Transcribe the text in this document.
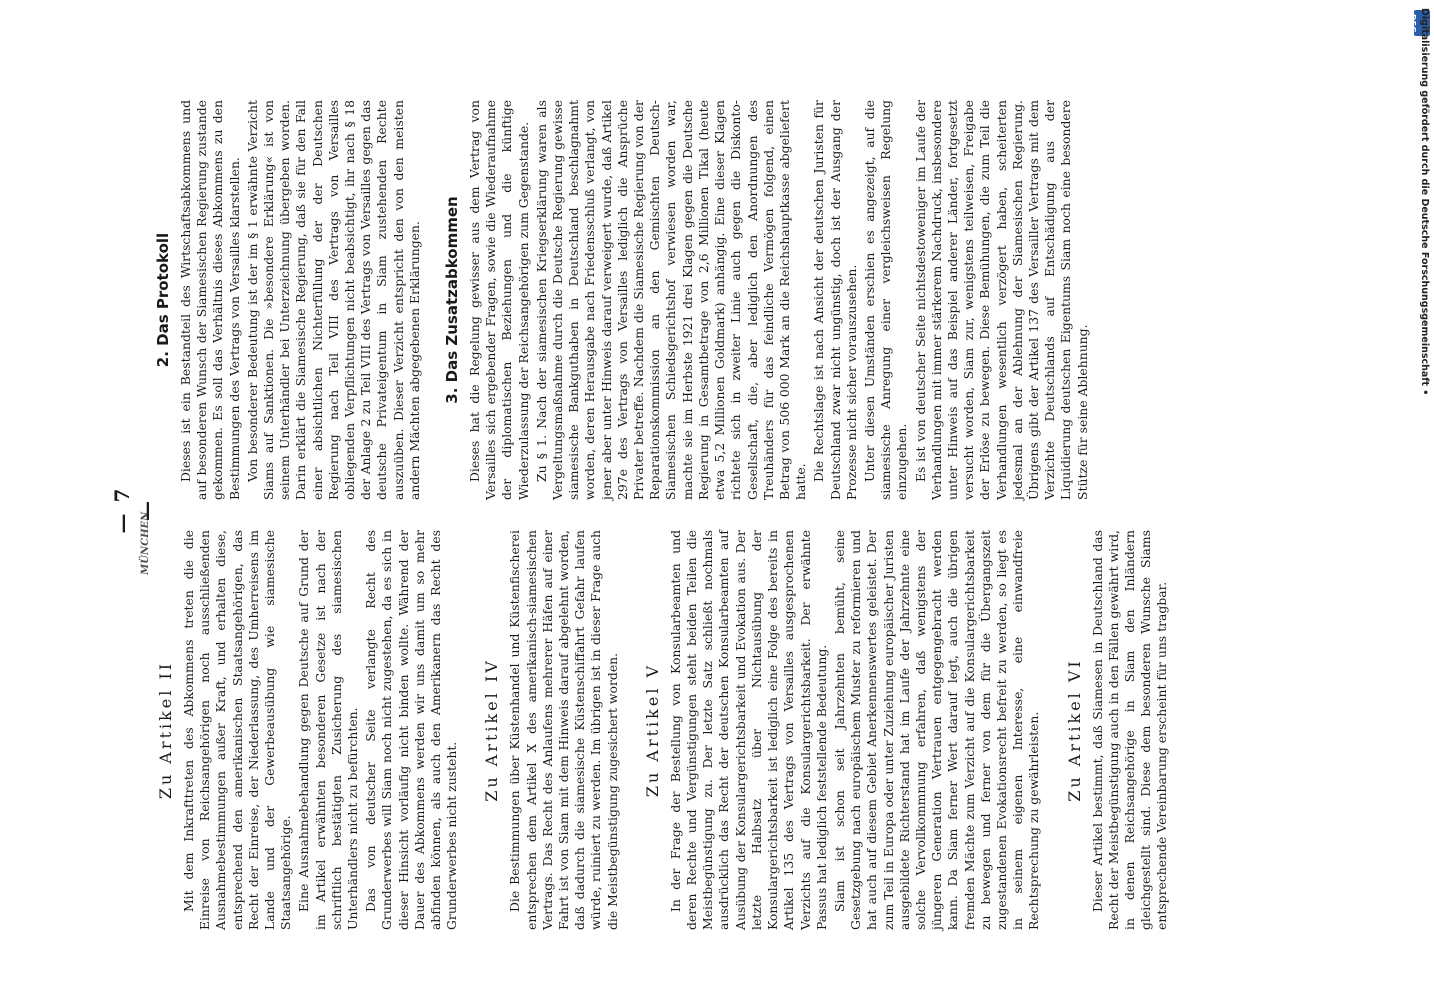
— 7 —
Zu Artikel II Mit dem Inkrafttreten des Abkommens treten die die Einreise von Reichsangehörigen noch ausschließenden Ausnahmebestimmungen außer Kraft, und erhalten diese, entsprechend den amerikanischen Staatsangehörigen, das Recht der Einreise, der Niederlassung, des Umherreisens im Lande und der Gewerbeausübung wie siamesische Staatsangehörige. Eine Ausnahmebehandlung gegen Deutsche auf Grund der im Artikel erwähnten besonderen Gesetze ist nach der schriftlich bestätigten Zusicherung des siamesischen Unterhändlers nicht zu befürchten. Das von deutscher Seite verlangte Recht des Grunderwerbes will Siam noch nicht zugestehen, da es sich in dieser Hinsicht vorläufig nicht binden wollte. Während der Dauer des Abkommens werden wir uns damit um so mehr abfinden können, als auch den Amerikanern das Recht des Grunderwerbes nicht zusteht.

Zu Artikel IV Die Bestimmungen über Küstenhandel und Küstenfischerei entsprechen dem Artikel X des amerikanisch-siamesischen Vertrags. Das Recht des Anlaufens mehrerer Häfen auf einer Fahrt ist von Siam mit dem Hinweis darauf abgelehnt worden, daß dadurch die siamesische Küstenschiffahrt Gefahr laufen würde, ruiniert zu werden. Im übrigen ist in dieser Frage auch die Meistbegünstigung zugesichert worden. Zu Artikel V In der Frage der Bestellung von Konsularbeamten und deren Rechte und Vergünstigungen steht beiden Teilen die Meistbegünstigung zu. Der letzte Satz schließt nochmals ausdrücklich das Recht der deutschen Konsularbeamten auf Ausübung der Konsulargerichtsbarkeit und Evokation aus. Der letzte Halbsatz über Nichtausübung der Konsulargerichtsbarkeit ist lediglich eine Folge des bereits in Artikel 135 des Vertrags von Versailles ausgesprochenen Verzichts auf die Konsulargerichtsbarkeit. Der erwähnte Passus hat lediglich feststellende Bedeutung. Siam ist schon seit Jahrzehnten bemüht, seine Gesetzgebung nach europäischem Muster zu reformieren und hat auch auf diesem Gebiet Anerkennenswertes geleistet. Der zum Teil in Europa oder unter Zuziehung europäischer Juristen ausgebildete Richterstand hat im Laufe der Jahrzehnte eine solche Vervollkommnung erfahren, daß wenigstens der jüngeren Generation Vertrauen entgegengebracht werden kann. Da Siam ferner Wert darauf legt, auch die übrigen fremden Mächte zum Verzicht auf die Konsulargerichtsbarkeit zu bewegen und ferner von dem für die Übergangszeit zugestandenen Evokationsrecht befreit zu werden, so liegt es in seinem eigenen Interesse, eine einwandfreie Rechtsprechung zu gewährleisten. Zu Artikel VI Dieser Artikel bestimmt, daß Siamesen in Deutschland das Recht der Meistbegünstigung auch in den Fällen gewährt wird, in denen Reichsangehörige in Siam den Inländern gleichgestellt sind. Diese dem besonderen Wunsche Siams entsprechende Vereinbarung erscheint für uns tragbar.

2. Das Protokoll Dieses ist ein Bestandteil des Wirtschaftsabkommens und auf besonderen Wunsch der Siamesischen Regierung zustande gekommen. Es soll das Verhältnis dieses Abkommens zu den Bestimmungen des Vertrags von Versailles klarstellen. Von besonderer Bedeutung ist der im § 1 erwähnte Verzicht Siams auf Sanktionen. Die »besondere Erklärung« ist von seinem Unterhändler bei Unterzeichnung übergeben worden. Darin erklärt die Siamesische Regierung, daß sie für den Fall einer absichtlichen Nichterfüllung der der Deutschen Regierung nach Teil VIII des Vertrags von Versailles obliegenden Verpflichtungen nicht beabsichtigt, ihr nach § 18 der Anlage 2 zu Teil VIII des Vertrags von Versailles gegen das deutsche Privateigentum in Siam zustehenden Rechte auszuüben. Dieser Verzicht entspricht den von den meisten andern Mächten abgegebenen Erklärungen. 3. Das Zusatzabkommen Dieses hat die Regelung gewisser aus dem Vertrag von Versailles sich ergebender Fragen, sowie die Wiederaufnahme der diplomatischen Beziehungen und die künftige Wiederzulassung der Reichsangehörigen zum Gegenstande. Zu § 1. Nach der siamesischen Kriegserklärung waren als Vergeltungsmaßnahme durch die Deutsche Regierung gewisse siamesische Bankguthaben in Deutschland beschlagnahmt worden, deren Herausgabe nach Friedensschluß verlangt, von jener aber unter Hinweis darauf verweigert wurde, daß Artikel 297e des Vertrags von Versailles lediglich die Ansprüche Privater betreffe. Nachdem die Siamesische Regierung von der Reparationskommission an den Gemischten Deutsch-Siamesischen Schiedsgerichtshof verwiesen worden war, machte sie im Herbste 1921 drei Klagen gegen die Deutsche Regierung in Gesamtbetrage von 2,6 Millionen Tikal (heute etwa 5,2 Millionen Goldmark) anhängig. Eine dieser Klagen richtete sich in zweiter Linie auch gegen die Diskonto-Gesellschaft, die, aber lediglich den Anordnungen des Treuhänders für das feindliche Vermögen folgend, einen Betrag von 506 000 Mark an die Reichshauptkasse abgeliefert hatte. Die Rechtslage ist nach Ansicht der deutschen Juristen für Deutschland zwar nicht ungünstig, doch ist der Ausgang der Prozesse nicht sicher vorauszusehen. Unter diesen Umständen erschien es angezeigt, auf die siamesische Anregung einer vergleichsweisen Regelung einzugehen. Es ist von deutscher Seite nichtsdestoweniger im Laufe der Verhandlungen mit immer stärkerem Nachdruck, insbesondere unter Hinweis auf das Beispiel anderer Länder, fortgesetzt versucht worden, Siam zur, wenigstens teilweisen, Freigabe der Erlöse zu bewegen. Diese Bemühungen, die zum Teil die Verhandlungen wesentlich verzögert haben, scheiterten jedesmal an der Ablehnung der Siamesischen Regierung. Übrigens gibt der Artikel 137 des Versailler Vertrags mit dem Verzichte Deutschlands auf Entschädigung aus der Liquidierung deutschen Eigentums Siam noch eine besondere Stütze für seine Ablehnung.

MÜNCHEN
DFG Digitalisierung gefördert durch die Deutsche Forschungsgemeinschaft •
